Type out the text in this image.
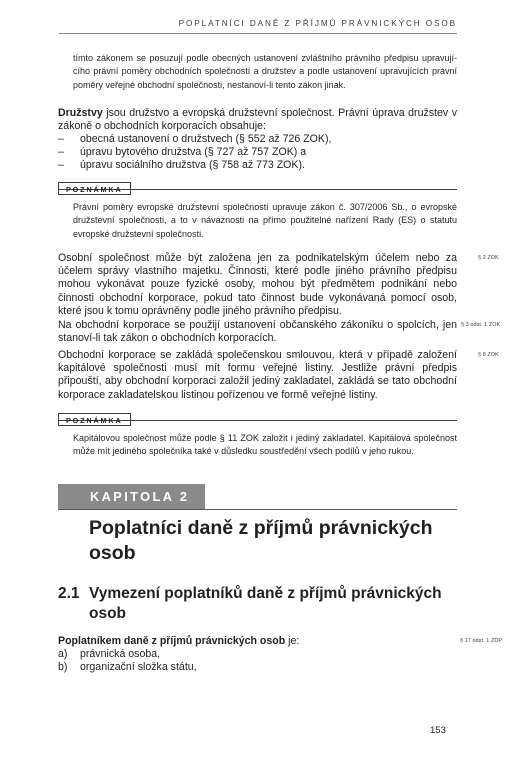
POPLATNÍCI DANĚ Z PŘÍJMŮ PRÁVNICKÝCH OSOB
tímto zákonem se posuzují podle obecných ustanovení zvláštního právního předpisu upravujícího právní poměry obchodních společností a družstev a podle ustanovení upravujících právní poměry veřejné obchodní společnosti, nestanoví-li tento zákon jinak.
Družstvy jsou družstvo a evropská družstevní společnost. Právní úprava družstev v zákoně o obchodních korporacích obsahuje:
– obecná ustanovení o družstvech (§ 552 až 726 ZOK),
– úpravu bytového družstva (§ 727 až 757 ZOK) a
– úpravu sociálního družstva (§ 758 až 773 ZOK).
POZNÁMKA
Právní poměry evropské družstevní společnosti upravuje zákon č. 307/2006 Sb., o evropské družstevní společnosti, a to v návaznosti na přímo použitelné nařízení Rady (ES) o statutu evropské družstevní společnosti.
Osobní společnost může být založena jen za podnikatelským účelem nebo za účelem správy vlastního majetku. Činnosti, které podle jiného právního předpisu mohou vykonávat pouze fyzické osoby, mohou být předmětem podnikání nebo činnosti obchodní korporace, pokud tato činnost bude vykonávaná pomocí osob, které jsou k tomu oprávněny podle jiného právního předpisu.
§ 2 ZOK
Na obchodní korporace se použijí ustanovení občanského zákoníku o spolcích, jen stanoví-li tak zákon o obchodních korporacích.
§ 3 odst. 1 ZOK
Obchodní korporace se zakládá společenskou smlouvou, která v případě založení kapitálové společnosti musí mít formu veřejné listiny. Jestliže právní předpis připouští, aby obchodní korporaci založil jediný zakladatel, zakládá se tato obchodní korporace zakladatelskou listinou pořízenou ve formě veřejné listiny.
§ 8 ZOK
POZNÁMKA
Kapitálovou společnost může podle § 11 ZOK založit i jediný zakladatel. Kapitálová společnost může mít jediného společníka také v důsledku soustředění všech podílů v jeho rukou.
KAPITOLA 2
Poplatníci daně z příjmů právnických osob
2.1 Vymezení poplatníků daně z příjmů právnických osob
Poplatníkem daně z příjmů právnických osob je:	§ 17 odst. 1 ZDP
a) právnická osoba,
b) organizační složka státu,
153
